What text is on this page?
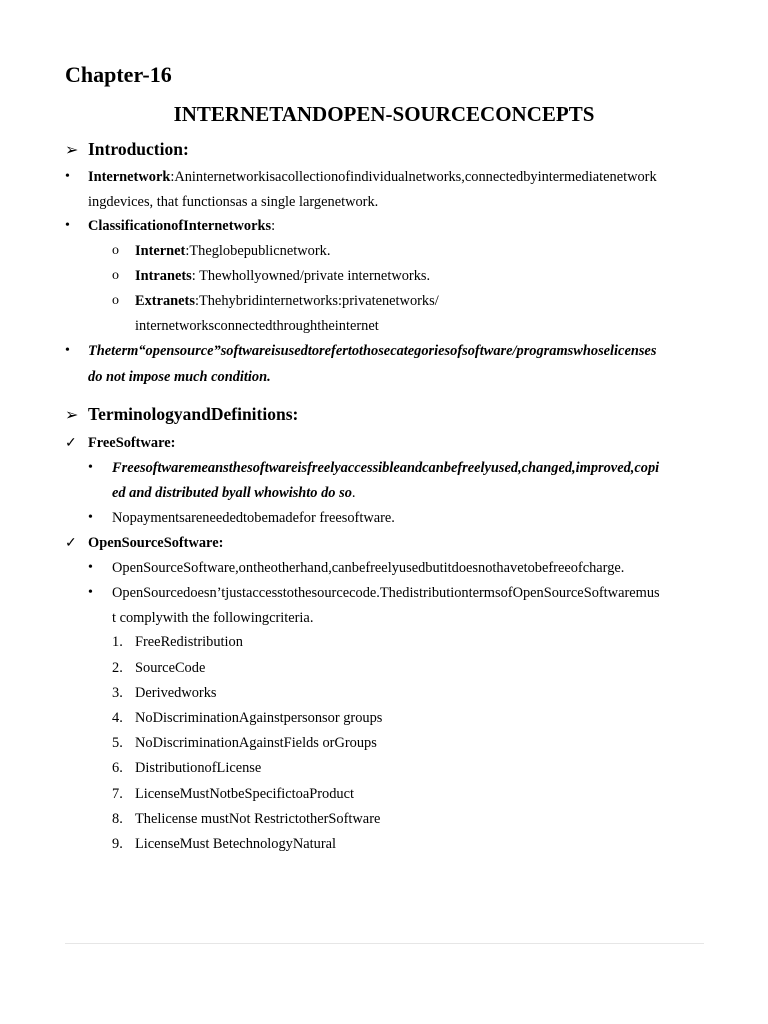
Chapter-16
INTERNETANDOPEN-SOURCECONCEPTS
➢ Introduction:
• Internetwork:Aninternetworkisacollectionofindividualnetworks,connectedbyintermediatenetwork
ingdevices, that functionsas a single largenetwork.
• ClassificationofInternetworks:
o Internet:Theglobepublicnetwork.
o Intranets: Thewhollyowned/private internetworks.
o Extranets:Thehybridinternetworks:privatenetworks/
internetworksconnectedthroughtheinternet
• Theterm“opensource”softwareisusedtorefertothosecategoriesofsoftware/programswhoselicenses
do not impose much condition.
➢ TerminologyandDefinitions:
✓ FreeSoftware:
• Freesoftwaremeansthesoftwareisfreelyaccessibleandcanbefreelyused,changed,improved,copi
ed and distributed byall whowishto do so.
• Nopaymentsareneededtobemadefor freesoftware.
✓ OpenSourceSoftware:
• OpenSourceSoftware,ontheotherhand,canbefreelyusedbutitdoesnothavetobefreeofcharge.
• OpenSourcedoesn’tjustaccesstothesourcecode.ThedistributiontermsofOpenSourceSoftwaremus
t complywith the followingcriteria.
1. FreeRedistribution
2. SourceCode
3. Derivedworks
4. NoDiscriminationAgainstpersonsor groups
5. NoDiscriminationAgainstFields orGroups
6. DistributionofLicense
7. LicenseMustNotbeSpecifictoaProduct
8. Thelicense mustNot RestrictotherSoftware
9. LicenseMust BetechnologyNatural
